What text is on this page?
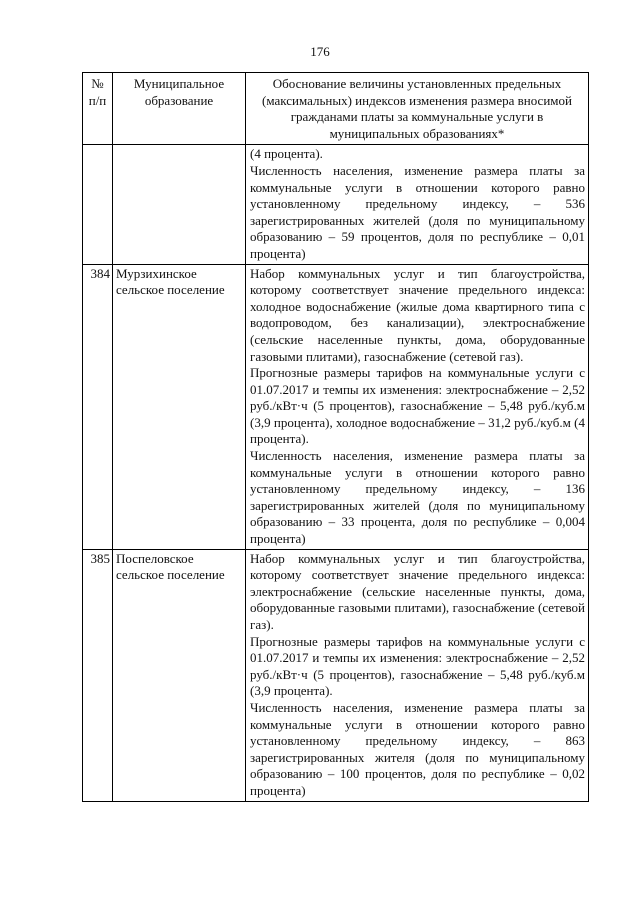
176
№ п/п	Муниципальное образование	Обоснование величины установленных предельных (максимальных) индексов изменения размера вносимой гражданами платы за коммунальные услуги в муниципальных образованиях*

		(4 процента).

Численность населения, изменение размера платы за коммунальные услуги в отношении которого равно установленному предельному индексу, – 536 зарегистрированных жителей (доля по муниципальному образованию – 59 процентов, доля по республике – 0,01 процента)

384	Мурзихинское сельское поселение	Набор коммунальных услуг и тип благоустройства, которому соответствует значение предельного индекса: холодное водоснабжение (жилые дома квартирного типа с водопроводом, без канализации), электроснабжение (сельские населенные пункты, дома, оборудованные газовыми плитами), газоснабжение (сетевой газ).

Прогнозные размеры тарифов на коммунальные услуги с 01.07.2017 и темпы их изменения: электроснабжение – 2,52 руб./кВт·ч (5 процентов), газоснабжение – 5,48 руб./куб.м (3,9 процента), холодное водоснабжение – 31,2 руб./куб.м (4 процента).

Численность населения, изменение размера платы за коммунальные услуги в отношении которого равно установленному предельному индексу, – 136 зарегистрированных жителей (доля по муниципальному образованию – 33 процента, доля по республике – 0,004 процента)

385	Поспеловское сельское поселение	Набор коммунальных услуг и тип благоустройства, которому соответствует значение предельного индекса: электроснабжение (сельские населенные пункты, дома, оборудованные газовыми плитами), газоснабжение (сетевой газ).

Прогнозные размеры тарифов на коммунальные услуги с 01.07.2017 и темпы их изменения: электроснабжение – 2,52 руб./кВт·ч (5 процентов), газоснабжение – 5,48 руб./куб.м (3,9 процента).

Численность населения, изменение размера платы за коммунальные услуги в отношении которого равно установленному предельному индексу, – 863 зарегистрированных жителя (доля по муниципальному образованию – 100 процентов, доля по республике – 0,02 процента)
